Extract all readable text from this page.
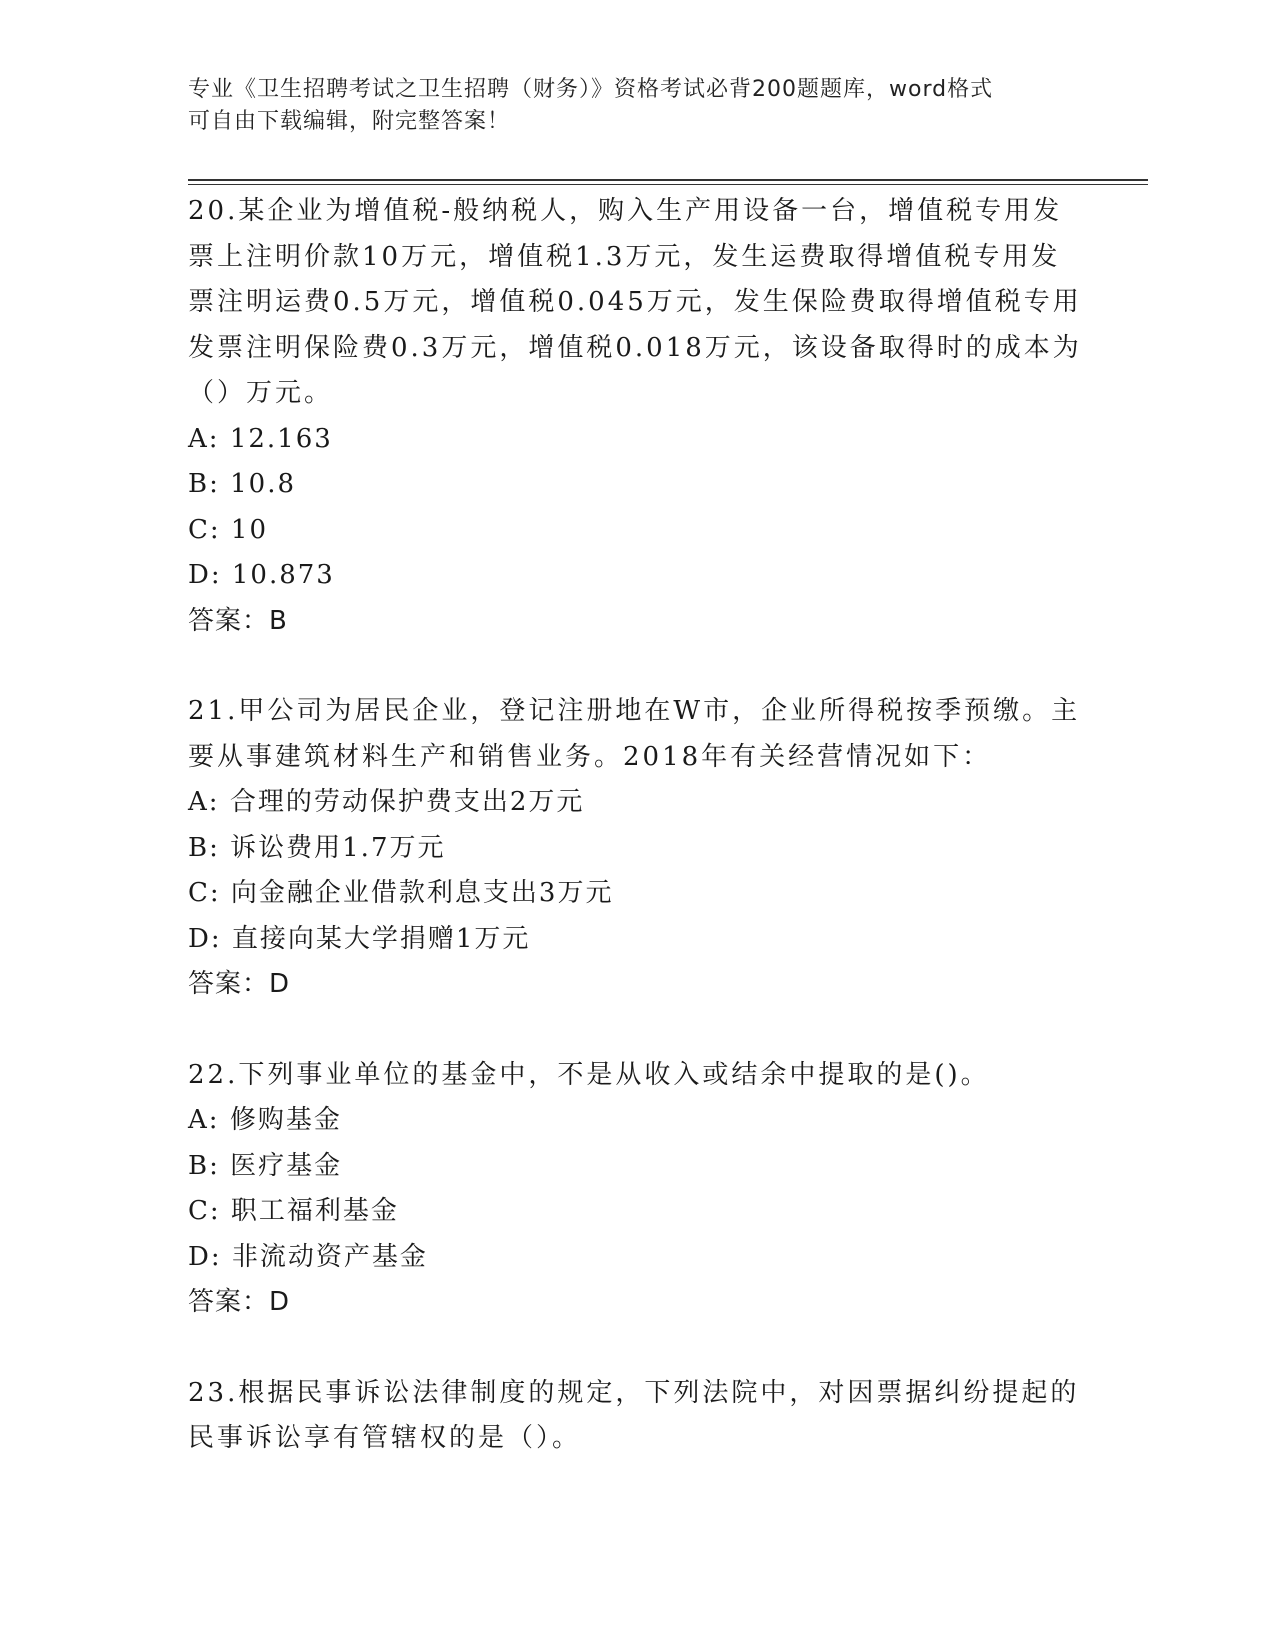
专业《卫生招聘考试之卫生招聘（财务）》资格考试必背200题题库，word格式
可自由下载编辑，附完整答案！

20.某企业为增值税-般纳税人，购入生产用设备一台，增值税专用发票上注明价款10万元，增值税1.3万元，发生运费取得增值税专用发票注明运费0.5万元，增值税0.045万元，发生保险费取得增值税专用发票注明保险费0.3万元，增值税0.018万元，该设备取得时的成本为（）万元。

A: 12.163

B: 10.8

C: 10

D: 10.873

答案：B

21.甲公司为居民企业，登记注册地在W市，企业所得税按季预缴。主要从事建筑材料生产和销售业务。2018年有关经营情况如下：

A: 合理的劳动保护费支出2万元

B: 诉讼费用1.7万元

C: 向金融企业借款利息支出3万元

D: 直接向某大学捐赠1万元

答案：D

22.下列事业单位的基金中，不是从收入或结余中提取的是()。

A: 修购基金

B: 医疗基金

C: 职工福利基金

D: 非流动资产基金

答案：D

23.根据民事诉讼法律制度的规定，下列法院中，对因票据纠纷提起的民事诉讼享有管辖权的是（）。
